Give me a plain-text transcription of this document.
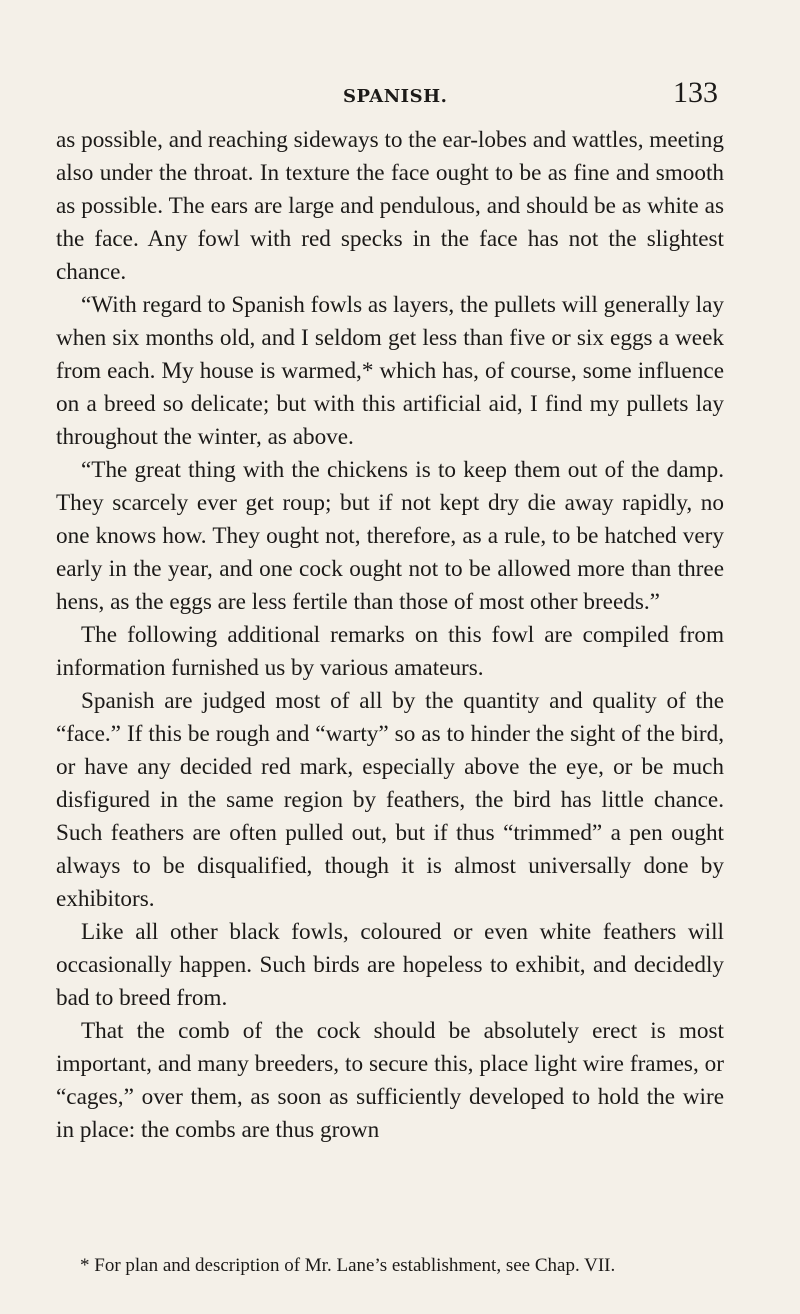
SPANISH.	133

as possible, and reaching sideways to the ear-lobes and wattles, meeting also under the throat. In texture the face ought to be as fine and smooth as possible. The ears are large and pendulous, and should be as white as the face. Any fowl with red specks in the face has not the slightest chance.

“With regard to Spanish fowls as layers, the pullets will generally lay when six months old, and I seldom get less than five or six eggs a week from each. My house is warmed,* which has, of course, some influence on a breed so delicate; but with this artificial aid, I find my pullets lay throughout the winter, as above.

“The great thing with the chickens is to keep them out of the damp. They scarcely ever get roup; but if not kept dry die away rapidly, no one knows how. They ought not, therefore, as a rule, to be hatched very early in the year, and one cock ought not to be allowed more than three hens, as the eggs are less fertile than those of most other breeds.”

The following additional remarks on this fowl are compiled from information furnished us by various amateurs.

Spanish are judged most of all by the quantity and quality of the “face.” If this be rough and “warty” so as to hinder the sight of the bird, or have any decided red mark, especially above the eye, or be much disfigured in the same region by feathers, the bird has little chance. Such feathers are often pulled out, but if thus “trimmed” a pen ought always to be disqualified, though it is almost universally done by exhibitors.

Like all other black fowls, coloured or even white feathers will occasionally happen. Such birds are hopeless to exhibit, and decidedly bad to breed from.

That the comb of the cock should be absolutely erect is most important, and many breeders, to secure this, place light wire frames, or “cages,” over them, as soon as sufficiently developed to hold the wire in place: the combs are thus grown

* For plan and description of Mr. Lane’s establishment, see Chap. VII.
